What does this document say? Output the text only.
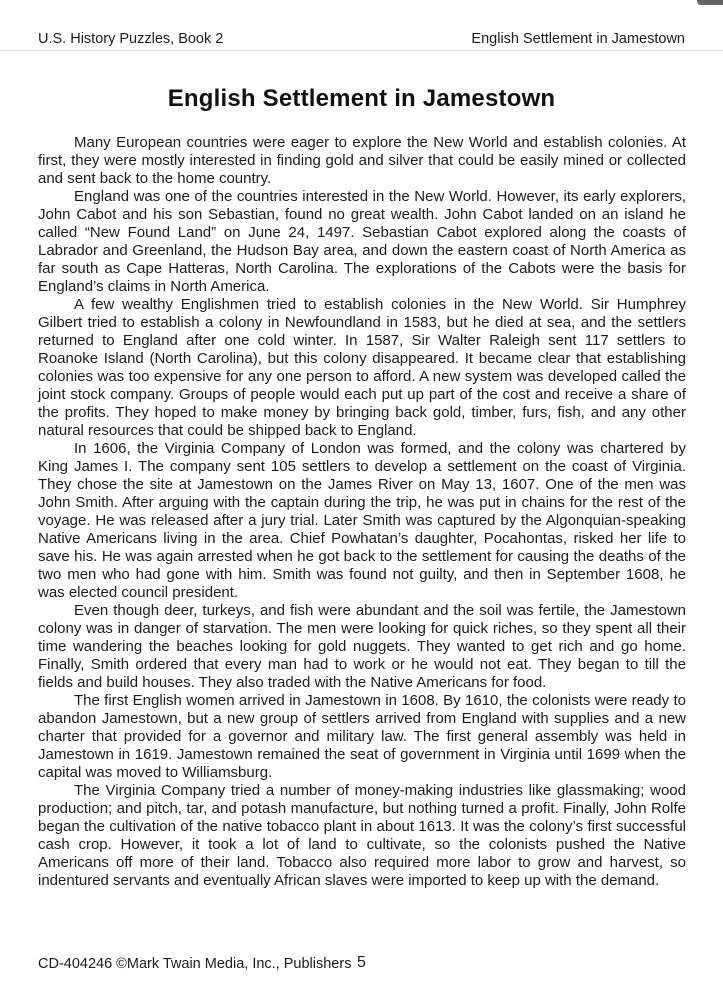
U.S. History Puzzles, Book 2	English Settlement in Jamestown
English Settlement in Jamestown

Many European countries were eager to explore the New World and establish colonies. At first, they were mostly interested in finding gold and silver that could be easily mined or collected and sent back to the home country.

England was one of the countries interested in the New World. However, its early explorers, John Cabot and his son Sebastian, found no great wealth. John Cabot landed on an island he called “New Found Land” on June 24, 1497. Sebastian Cabot explored along the coasts of Labrador and Greenland, the Hudson Bay area, and down the eastern coast of North America as far south as Cape Hatteras, North Carolina. The explorations of the Cabots were the basis for England’s claims in North America.

A few wealthy Englishmen tried to establish colonies in the New World. Sir Humphrey Gilbert tried to establish a colony in Newfoundland in 1583, but he died at sea, and the settlers returned to England after one cold winter. In 1587, Sir Walter Raleigh sent 117 settlers to Roanoke Island (North Carolina), but this colony disappeared. It became clear that establishing colonies was too expensive for any one person to afford. A new system was developed called the joint stock company. Groups of people would each put up part of the cost and receive a share of the profits. They hoped to make money by bringing back gold, timber, furs, fish, and any other natural resources that could be shipped back to England.

In 1606, the Virginia Company of London was formed, and the colony was chartered by King James I. The company sent 105 settlers to develop a settlement on the coast of Virginia. They chose the site at Jamestown on the James River on May 13, 1607. One of the men was John Smith. After arguing with the captain during the trip, he was put in chains for the rest of the voyage. He was released after a jury trial. Later Smith was captured by the Algonquian-speaking Native Americans living in the area. Chief Powhatan’s daughter, Pocahontas, risked her life to save his. He was again arrested when he got back to the settlement for causing the deaths of the two men who had gone with him. Smith was found not guilty, and then in September 1608, he was elected council president.

Even though deer, turkeys, and fish were abundant and the soil was fertile, the Jamestown colony was in danger of starvation. The men were looking for quick riches, so they spent all their time wandering the beaches looking for gold nuggets. They wanted to get rich and go home. Finally, Smith ordered that every man had to work or he would not eat. They began to till the fields and build houses. They also traded with the Native Americans for food.

The first English women arrived in Jamestown in 1608. By 1610, the colonists were ready to abandon Jamestown, but a new group of settlers arrived from England with supplies and a new charter that provided for a governor and military law. The first general assembly was held in Jamestown in 1619. Jamestown remained the seat of government in Virginia until 1699 when the capital was moved to Williamsburg.

The Virginia Company tried a number of money-making industries like glassmaking; wood production; and pitch, tar, and potash manufacture, but nothing turned a profit. Finally, John Rolfe began the cultivation of the native tobacco plant in about 1613. It was the colony’s first successful cash crop. However, it took a lot of land to cultivate, so the colonists pushed the Native Americans off more of their land. Tobacco also required more labor to grow and harvest, so indentured servants and eventually African slaves were imported to keep up with the demand.

CD-404246 ©Mark Twain Media, Inc., Publishers 5
